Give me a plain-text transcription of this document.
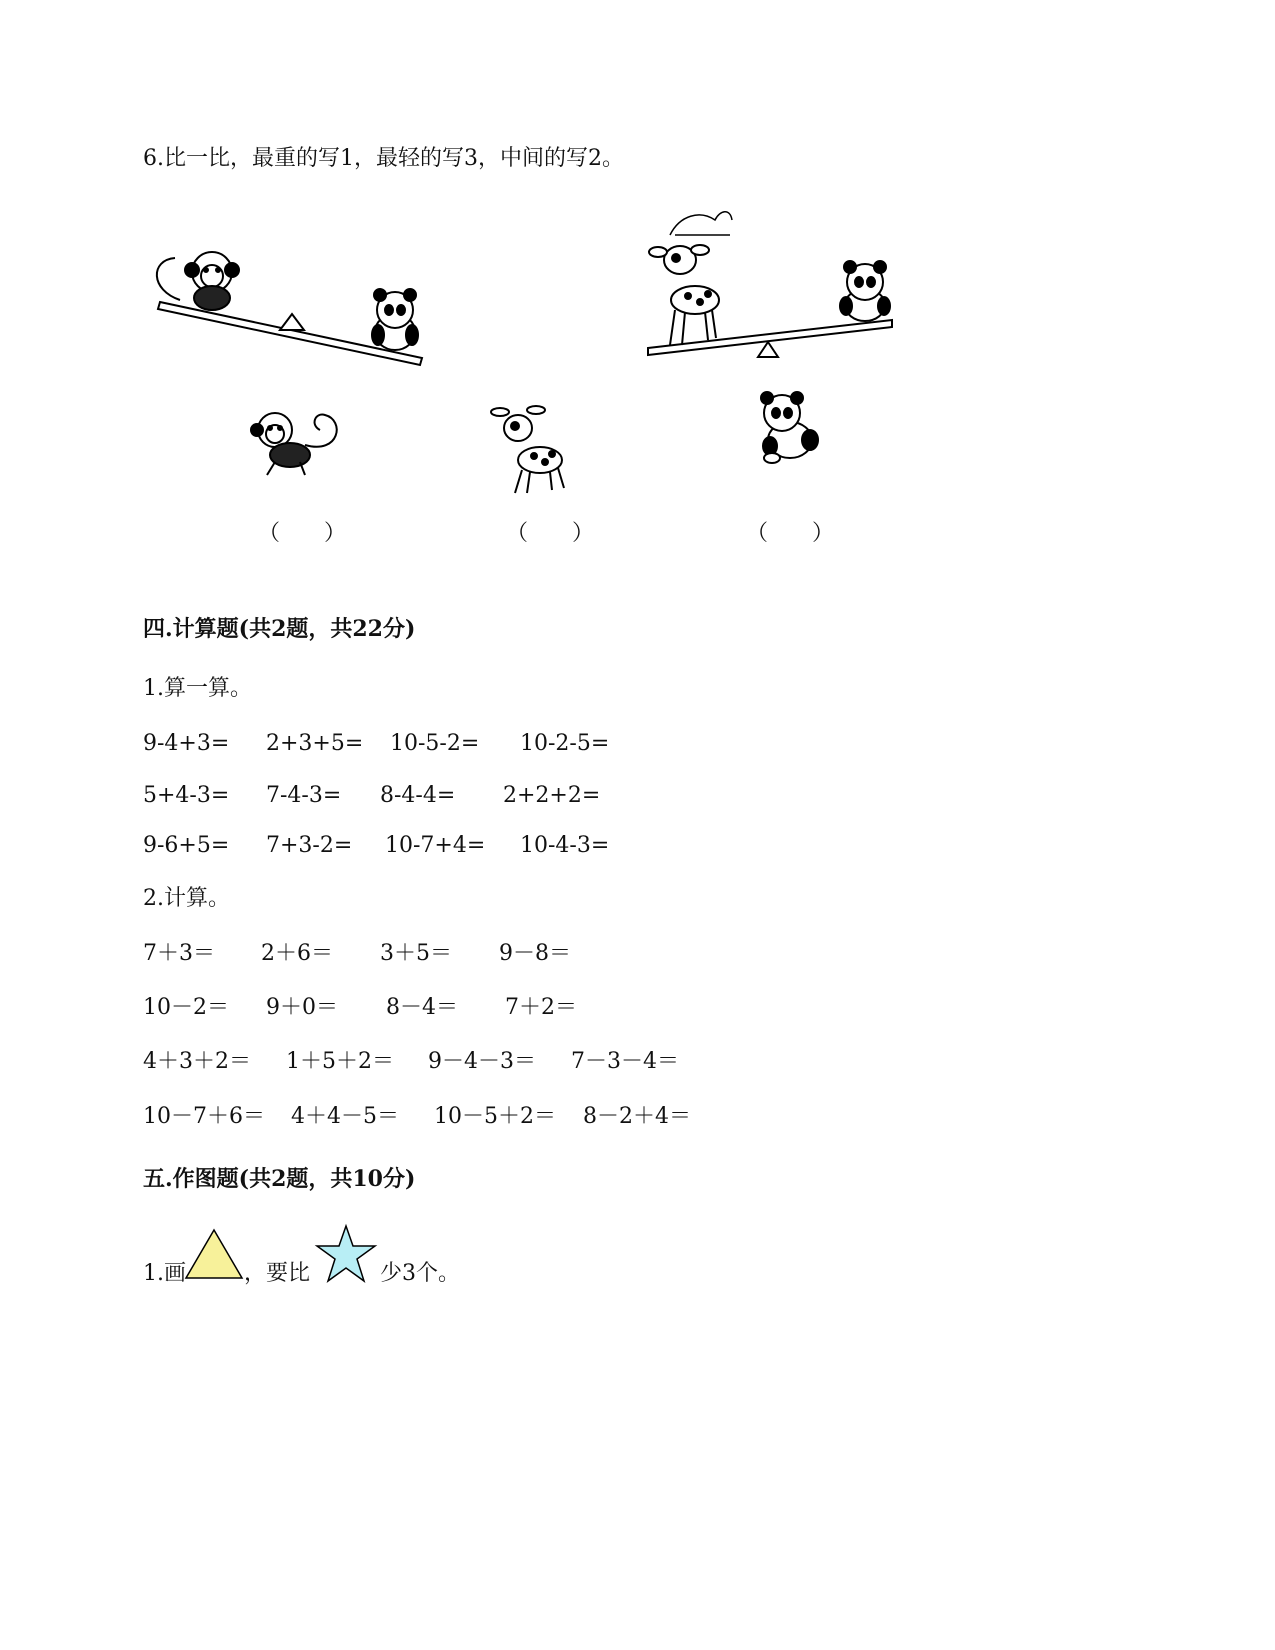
6.比一比，最重的写1，最轻的写3，中间的写2。
（　　）	（　　）	（　　）
四.计算题(共2题，共22分)
1.算一算。
9-4+3= 2+3+5= 10-5-2= 10-2-5=
5+4-3= 7-4-3= 8-4-4= 2+2+2=
9-6+5= 7+3-2= 10-7+4= 10-4-3=
2.计算。
7＋3＝ 2＋6＝ 3＋5＝ 9－8＝
10－2＝ 9＋0＝ 8－4＝ 7＋2＝
4＋3＋2＝ 1＋5＋2＝ 9－4－3＝ 7－3－4＝
10－7＋6＝ 4＋4－5＝ 10－5＋2＝ 8－2＋4＝
五.作图题(共2题，共10分)
1.画	，要比	少3个。
